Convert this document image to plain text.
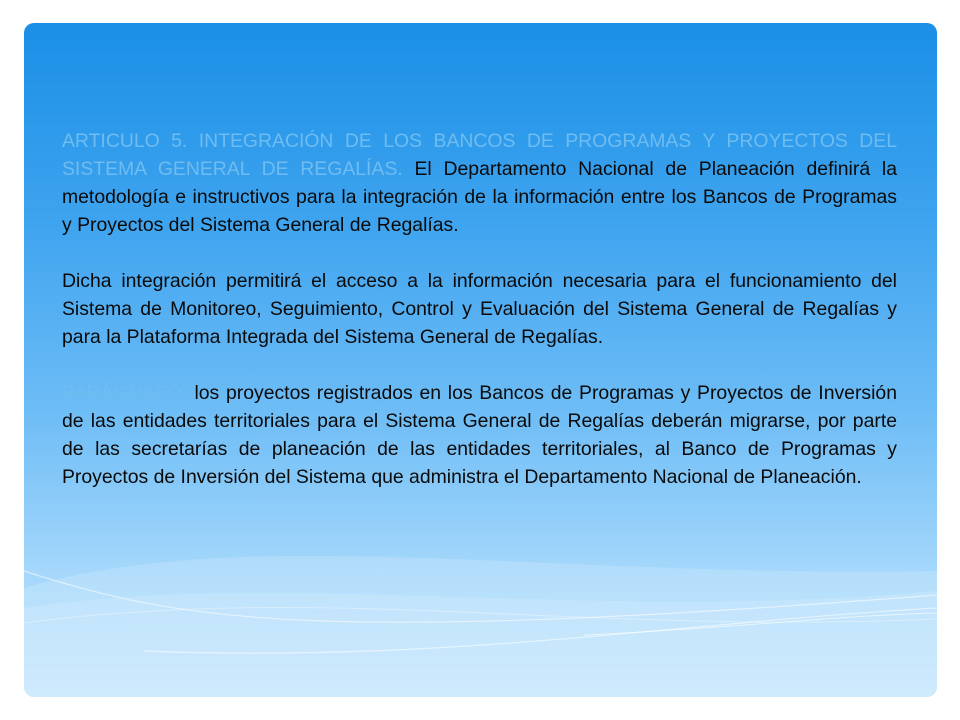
ARTICULO 5. INTEGRACIÓN DE LOS BANCOS DE PROGRAMAS Y PROYECTOS DEL SISTEMA GENERAL DE REGALÍAS. El Departamento Nacional de Planeación definirá la metodología e instructivos para la integración de la información entre los Bancos de Programas y Proyectos del Sistema General de Regalías.

Dicha integración permitirá el acceso a la información necesaria para el funcionamiento del Sistema de Monitoreo, Seguimiento, Control y Evaluación del Sistema General de Regalías y para la Plataforma Integrada del Sistema General de Regalías.

PARÁGRAFO. los proyectos registrados en los Bancos de Programas y Proyectos de Inversión de las entidades territoriales para el Sistema General de Regalías deberán migrarse, por parte de las secretarías de planeación de las entidades territoriales, al Banco de Programas y Proyectos de Inversión del Sistema que administra el Departamento Nacional de Planeación.
